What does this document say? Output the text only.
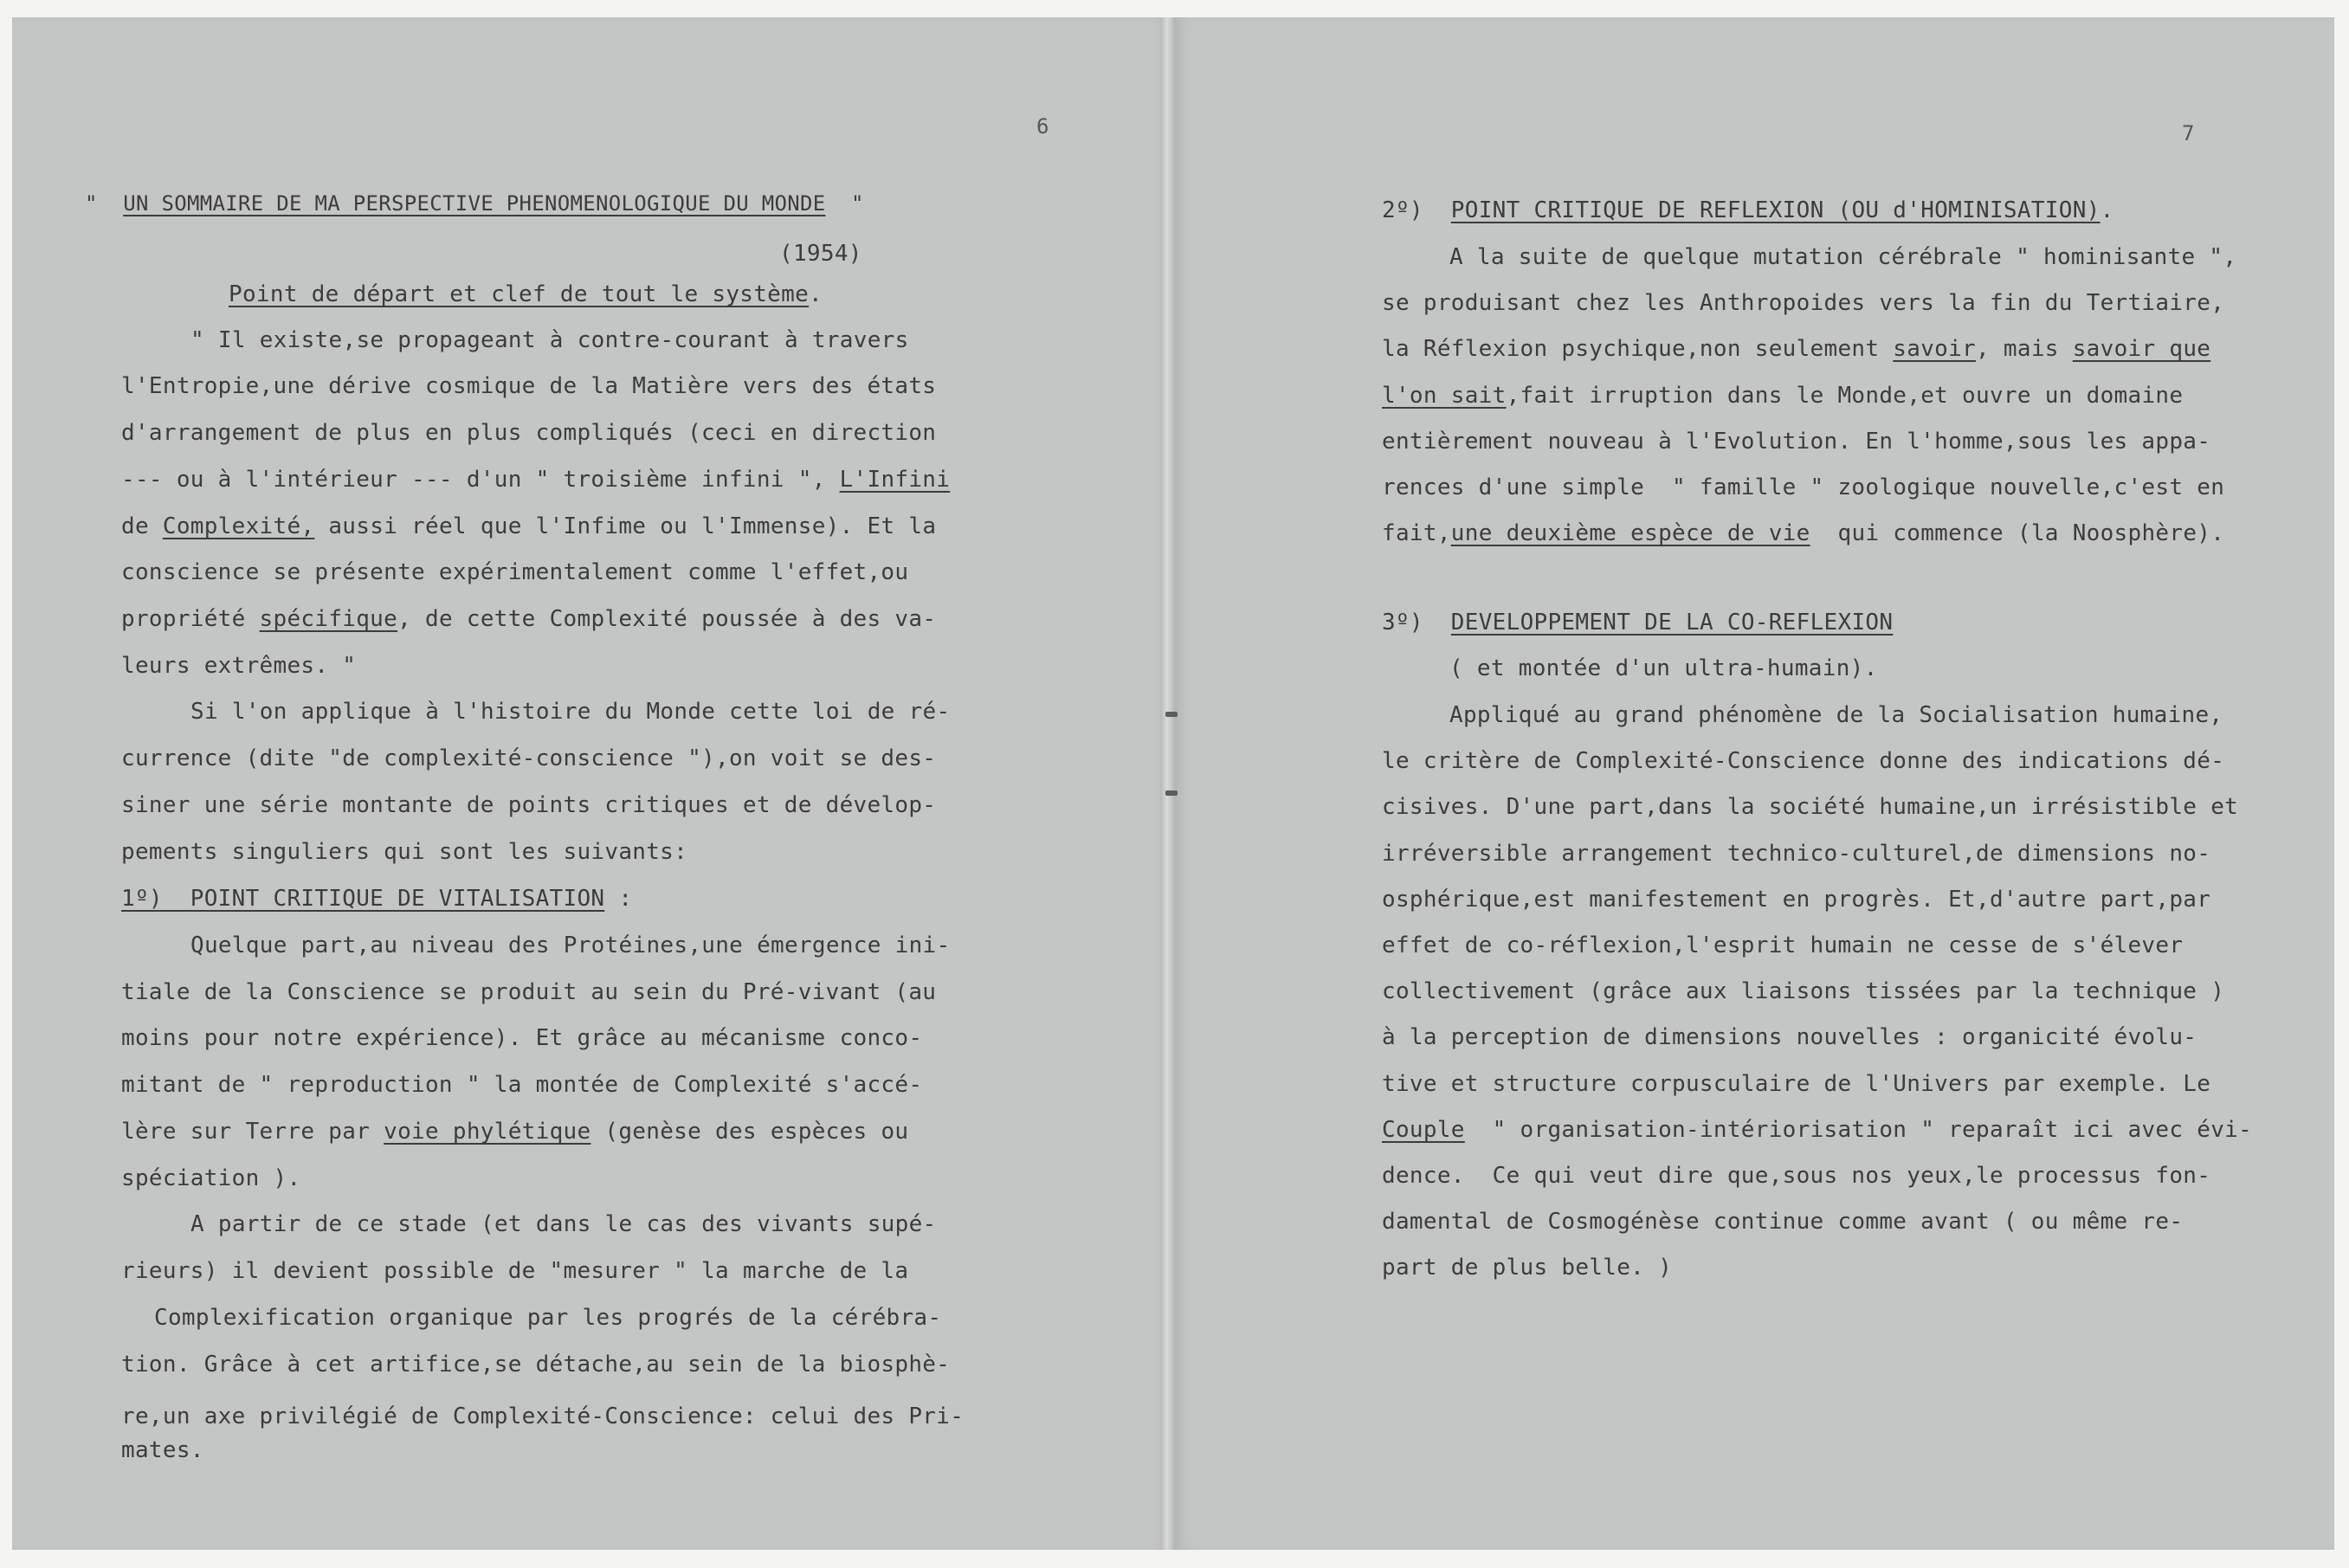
6
" UN SOMMAIRE DE MA PERSPECTIVE PHENOMENOLOGIQUE DU MONDE "
(1954)
Point de départ et clef de tout le système.
" Il existe,se propageant à contre-courant à travers
l'Entropie,une dérive cosmique de la Matière vers des états
d'arrangement de plus en plus compliqués (ceci en direction
--- ou à l'intérieur --- d'un " troisième infini ", L'Infini
de Complexité, aussi réel que l'Infime ou l'Immense). Et la
conscience se présente expérimentalement comme l'effet,ou
propriété spécifique, de cette Complexité poussée à des va-
leurs extrêmes. "
Si l'on applique à l'histoire du Monde cette loi de ré-
currence (dite "de complexité-conscience "),on voit se des-
siner une série montante de points critiques et de dévelop-
pements singuliers qui sont les suivants:
1º)  POINT CRITIQUE DE VITALISATION :
Quelque part,au niveau des Protéines,une émergence ini-
tiale de la Conscience se produit au sein du Pré-vivant (au
moins pour notre expérience). Et grâce au mécanisme conco-
mitant de " reproduction " la montée de Complexité s'accé-
lère sur Terre par voie phylétique (genèse des espèces ou
spéciation ).
A partir de ce stade (et dans le cas des vivants supé-
rieurs) il devient possible de "mesurer " la marche de la
Complexification organique par les progrés de la cérébra-
tion. Grâce à cet artifice,se détache,au sein de la biosphè-
re,un axe privilégié de Complexité-Conscience: celui des Pri-
mates.
7
2º) POINT CRITIQUE DE REFLEXION (OU d'HOMINISATION).
A la suite de quelque mutation cérébrale " hominisante ",
se produisant chez les Anthropoides vers la fin du Tertiaire,
la Réflexion psychique,non seulement savoir, mais savoir que
l'on sait,fait irruption dans le Monde,et ouvre un domaine
entièrement nouveau à l'Evolution. En l'homme,sous les appa-
rences d'une simple  " famille " zoologique nouvelle,c'est en
fait,une deuxième espèce de vie  qui commence (la Noosphère).
3º) DEVELOPPEMENT DE LA CO-REFLEXION
( et montée d'un ultra-humain).
Appliqué au grand phénomène de la Socialisation humaine,
le critère de Complexité-Conscience donne des indications dé-
cisives. D'une part,dans la société humaine,un irrésistible et
irréversible arrangement technico-culturel,de dimensions no-
osphérique,est manifestement en progrès. Et,d'autre part,par
effet de co-réflexion,l'esprit humain ne cesse de s'élever
collectivement (grâce aux liaisons tissées par la technique )
à la perception de dimensions nouvelles : organicité évolu-
tive et structure corpusculaire de l'Univers par exemple. Le
Couple  " organisation-intériorisation " reparaît ici avec évi-
dence.  Ce qui veut dire que,sous nos yeux,le processus fon-
damental de Cosmogénèse continue comme avant ( ou même re-
part de plus belle. )
